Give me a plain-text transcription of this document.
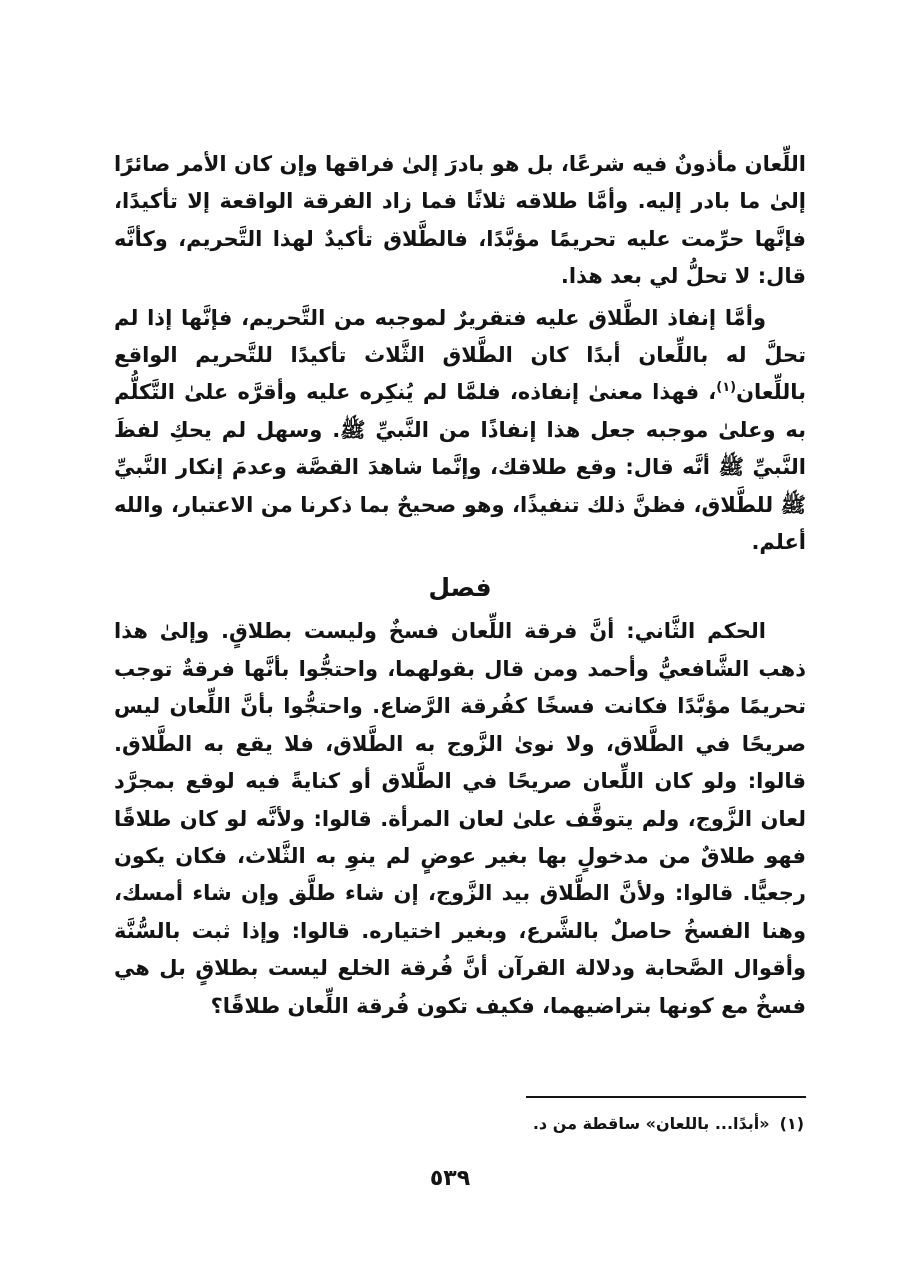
اللِّعان مأذونٌ فيه شرعًا، بل هو بادرَ إلىٰ فراقها وإن كان الأمر صائرًا إلىٰ ما بادر إليه. وأمَّا طلاقه ثلاثًا فما زاد الفرقة الواقعة إلا تأكيدًا، فإنَّها حرِّمت عليه تحريمًا مؤبَّدًا، فالطَّلاق تأكيدٌ لهذا التَّحريم، وكأنَّه قال: لا تحلُّ لي بعد هذا.

وأمَّا إنفاذ الطَّلاق عليه فتقريرٌ لموجبه من التَّحريم، فإنَّها إذا لم تحلَّ له باللِّعان أبدًا كان الطَّلاق الثَّلاث تأكيدًا للتَّحريم الواقع باللِّعان$^{(١)}$، فهذا معنىٰ إنفاذه، فلمَّا لم يُنكِره عليه وأقرَّه علىٰ التَّكلُّم به وعلىٰ موجبه جعل هذا إنفاذًا من النَّبيِّ ﷺ. وسهل لم يحكِ لفظَ النَّبيِّ ﷺ أنَّه قال: وقع طلاقك، وإنَّما شاهدَ القصَّة وعدمَ إنكار النَّبيِّ ﷺ للطَّلاق، فظنَّ ذلك تنفيذًا، وهو صحيحٌ بما ذكرنا من الاعتبار، والله أعلم.

فصل

الحكم الثَّاني: أنَّ فرقة اللِّعان فسخٌ وليست بطلاقٍ. وإلىٰ هذا ذهب الشَّافعيُّ وأحمد ومن قال بقولهما، واحتجُّوا بأنَّها فرقةٌ توجب تحريمًا مؤبَّدًا فكانت فسخًا كفُرقة الرَّضاع. واحتجُّوا بأنَّ اللِّعان ليس صريحًا في الطَّلاق، ولا نوىٰ الزَّوج به الطَّلاق، فلا يقع به الطَّلاق. قالوا: ولو كان اللِّعان صريحًا في الطَّلاق أو كنايةً فيه لوقع بمجرَّد لعان الزَّوج، ولم يتوقَّف علىٰ لعان المرأة. قالوا: ولأنَّه لو كان طلاقًا فهو طلاقٌ من مدخولٍ بها بغير عوضٍ لم ينوِ به الثَّلاث، فكان يكون رجعيًّا. قالوا: ولأنَّ الطَّلاق بيد الزَّوج، إن شاء طلَّق وإن شاء أمسك، وهنا الفسخُ حاصلٌ بالشَّرع، وبغير اختياره. قالوا: وإذا ثبت بالسُّنَّة وأقوال الصَّحابة ودلالة القرآن أنَّ فُرقة الخلع ليست بطلاقٍ بل هي فسخٌ مع كونها بتراضيهما، فكيف تكون فُرقة اللِّعان طلاقًا؟

(١)«أبدًا... باللعان» ساقطة من د.
٥٣٩
